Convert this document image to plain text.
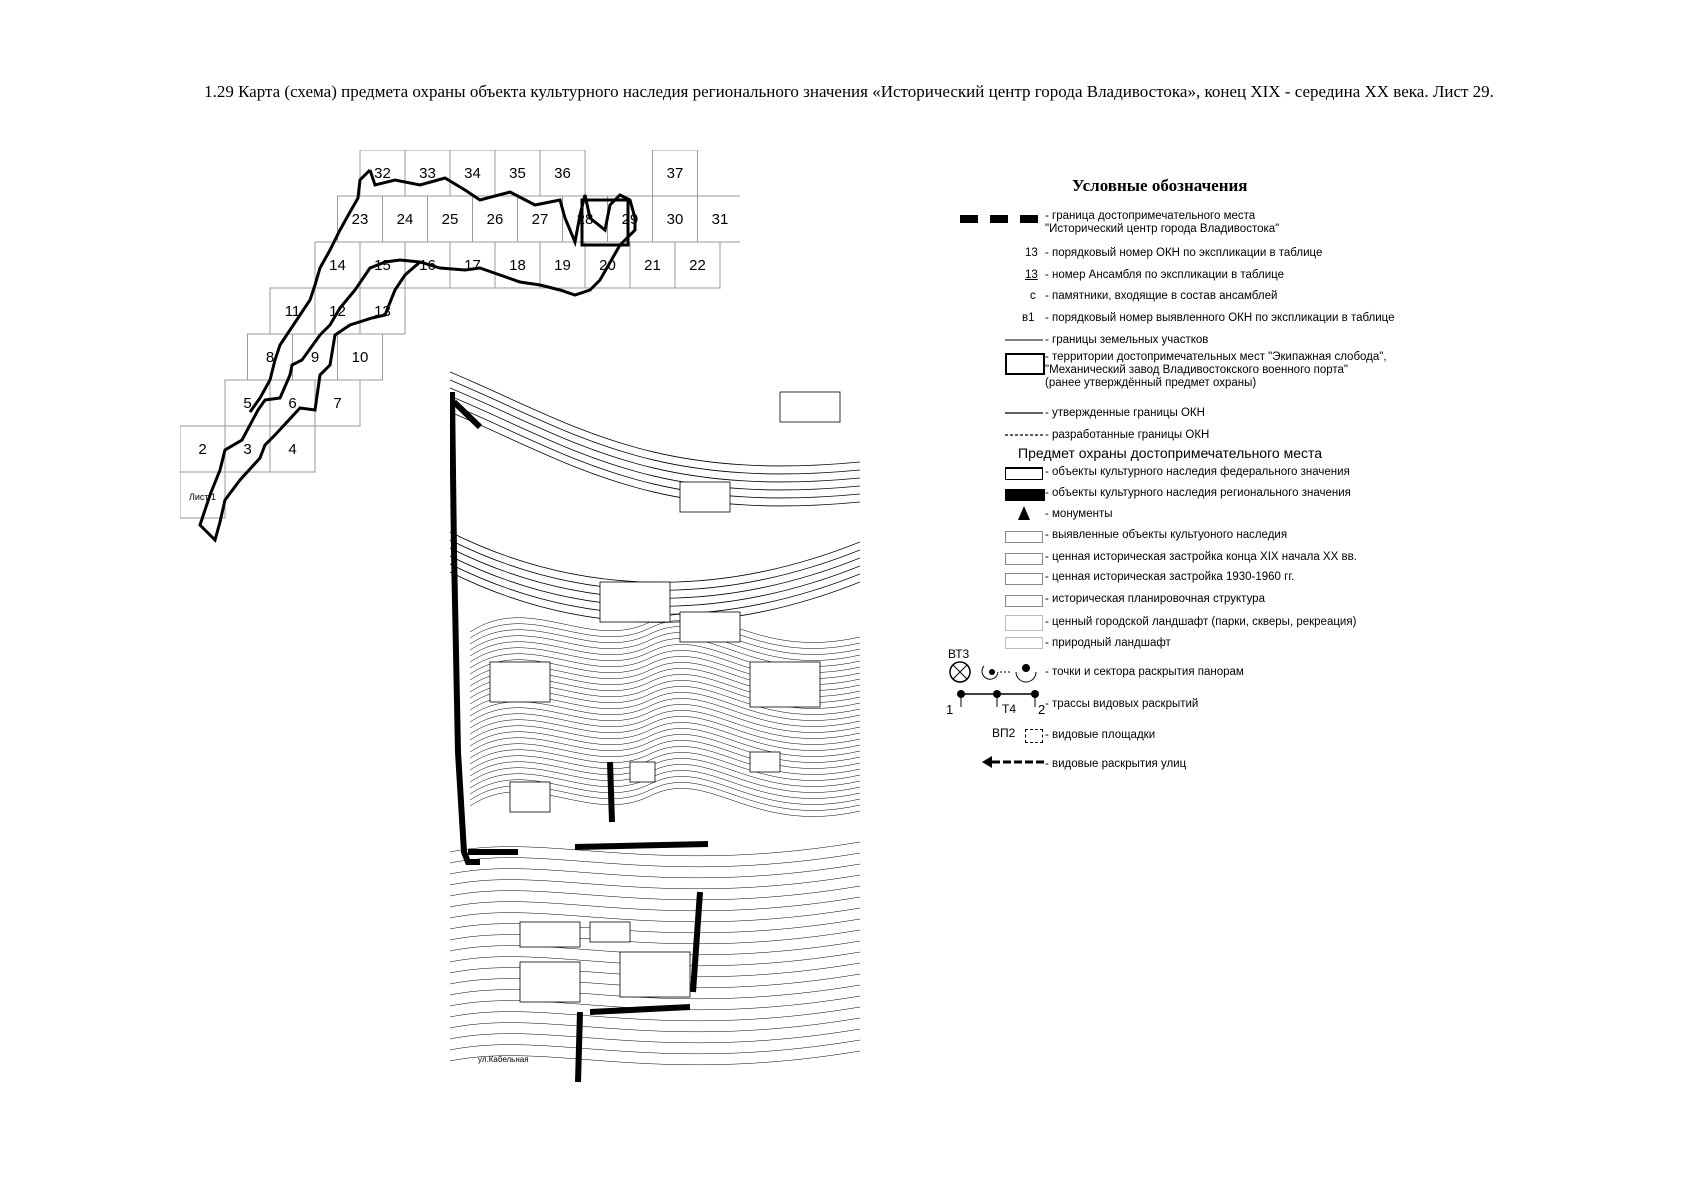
1.29 Карта (схема) предмета охраны объекта культурного наследия регионального значения «Исторический центр города Владивостока», конец XIX - середина XX века. Лист 29.
32 33 34 35 36	37
23 24 25 26 27 28 29 30 31
14 15 16 17 18 19 20 21 22
11 12 13
8 9 10
5 6 7
2 3 4
Лист 1
ул.Кабельная
Условные обозначения
- граница достопримечательного места
"Исторический центр города Владивостока"
13 - порядковый номер ОКН по экспликации в таблице
13 - номер Ансамбля по экспликации в таблице
с - памятники, входящие в состав ансамблей
в1 - порядковый номер выявленного ОКН по экспликации в таблице
- границы земельных участков
- территории достопримечательных мест "Экипажная слобода",
"Механический завод Владивостокского военного порта"
(ранее утверждённый предмет охраны)
- утвержденные границы ОКН
- разработанные границы ОКН
Предмет охраны достопримечательного места
- объекты культурного наследия федерального значения
- объекты культурного наследия регионального значения
- монументы
- выявленные объекты культуоного наследия
- ценная историческая застройка конца XIX начала XX вв.
- ценная историческая застройка 1930-1960 гг.
- историческая планировочная структура
- ценный городской ландшафт (парки, скверы, рекреация)
- природный ландшафт
ВТ3
- точки и сектора раскрытия панорам
1	Т4 2 - трассы видовых раскрытий
ВП2	- видовые площадки
- видовые раскрытия улиц
